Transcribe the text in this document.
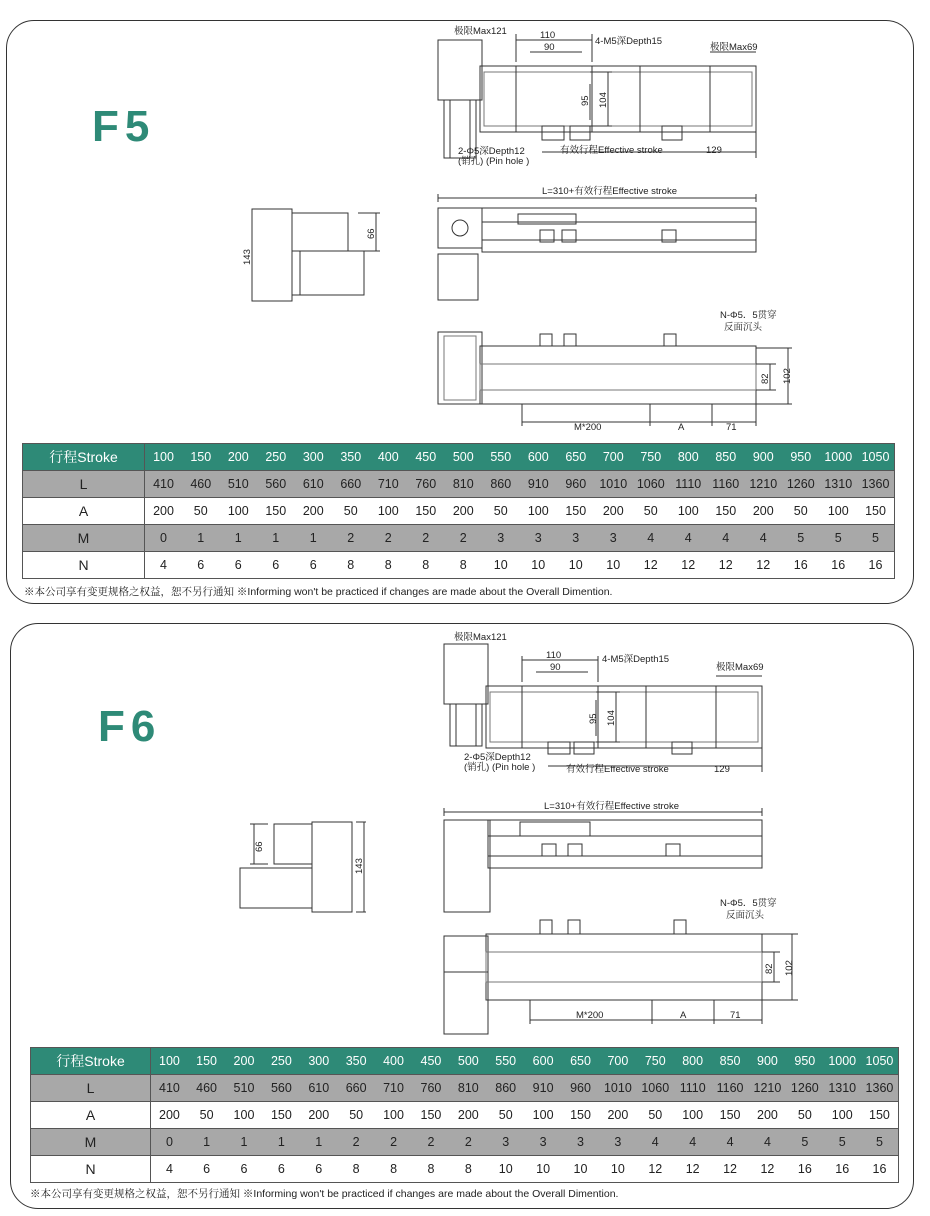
F5
极限Max121	110
90
4-M5深Depth15
极限Max69
95 104
2-Φ5深Depth12
(销孔) (Pin hole )
有效行程Effective stroke	129
143
66
L=310+有效行程Effective stroke
N-Φ5．5贯穿
反面沉头
82 102
M*200	A	71
行程Stroke	100	150	200	250	300	350	400	450	500	550	600	650	700	750	800	850	900	950	1000	1050
L	410	460	510	560	610	660	710	760	810	860	910	960	1010	1060	1110	1160	1210	1260	1310	1360
A	200	50	100	150	200	50	100	150	200	50	100	150	200	50	100	150	200	50	100	150
M	0	1	1	1	1	2	2	2	2	3	3	3	3	4	4	4	4	5	5	5
N	4	6	6	6	6	8	8	8	8	10	10	10	10	12	12	12	12	16	16	16
※本公司享有变更规格之权益，恕不另行通知 ※Informing won't be practiced if changes are made about the Overall Dimention.
F6
极限Max121
110
90
4-M5深Depth15
极限Max69
95 104
2-Φ5深Depth12
(销孔) (Pin hole )	有效行程Effective stroke	129
66
143
L=310+有效行程Effective stroke
N-Φ5．5贯穿
反面沉头
82 102
M*200	A	71
行程Stroke	100	150	200	250	300	350	400	450	500	550	600	650	700	750	800	850	900	950	1000	1050
L	410	460	510	560	610	660	710	760	810	860	910	960	1010	1060	1110	1160	1210	1260	1310	1360
A	200	50	100	150	200	50	100	150	200	50	100	150	200	50	100	150	200	50	100	150
M	0	1	1	1	1	2	2	2	2	3	3	3	3	4	4	4	4	5	5	5
N	4	6	6	6	6	8	8	8	8	10	10	10	10	12	12	12	12	16	16	16
※本公司享有变更规格之权益，恕不另行通知 ※Informing won't be practiced if changes are made about the Overall Dimention.
